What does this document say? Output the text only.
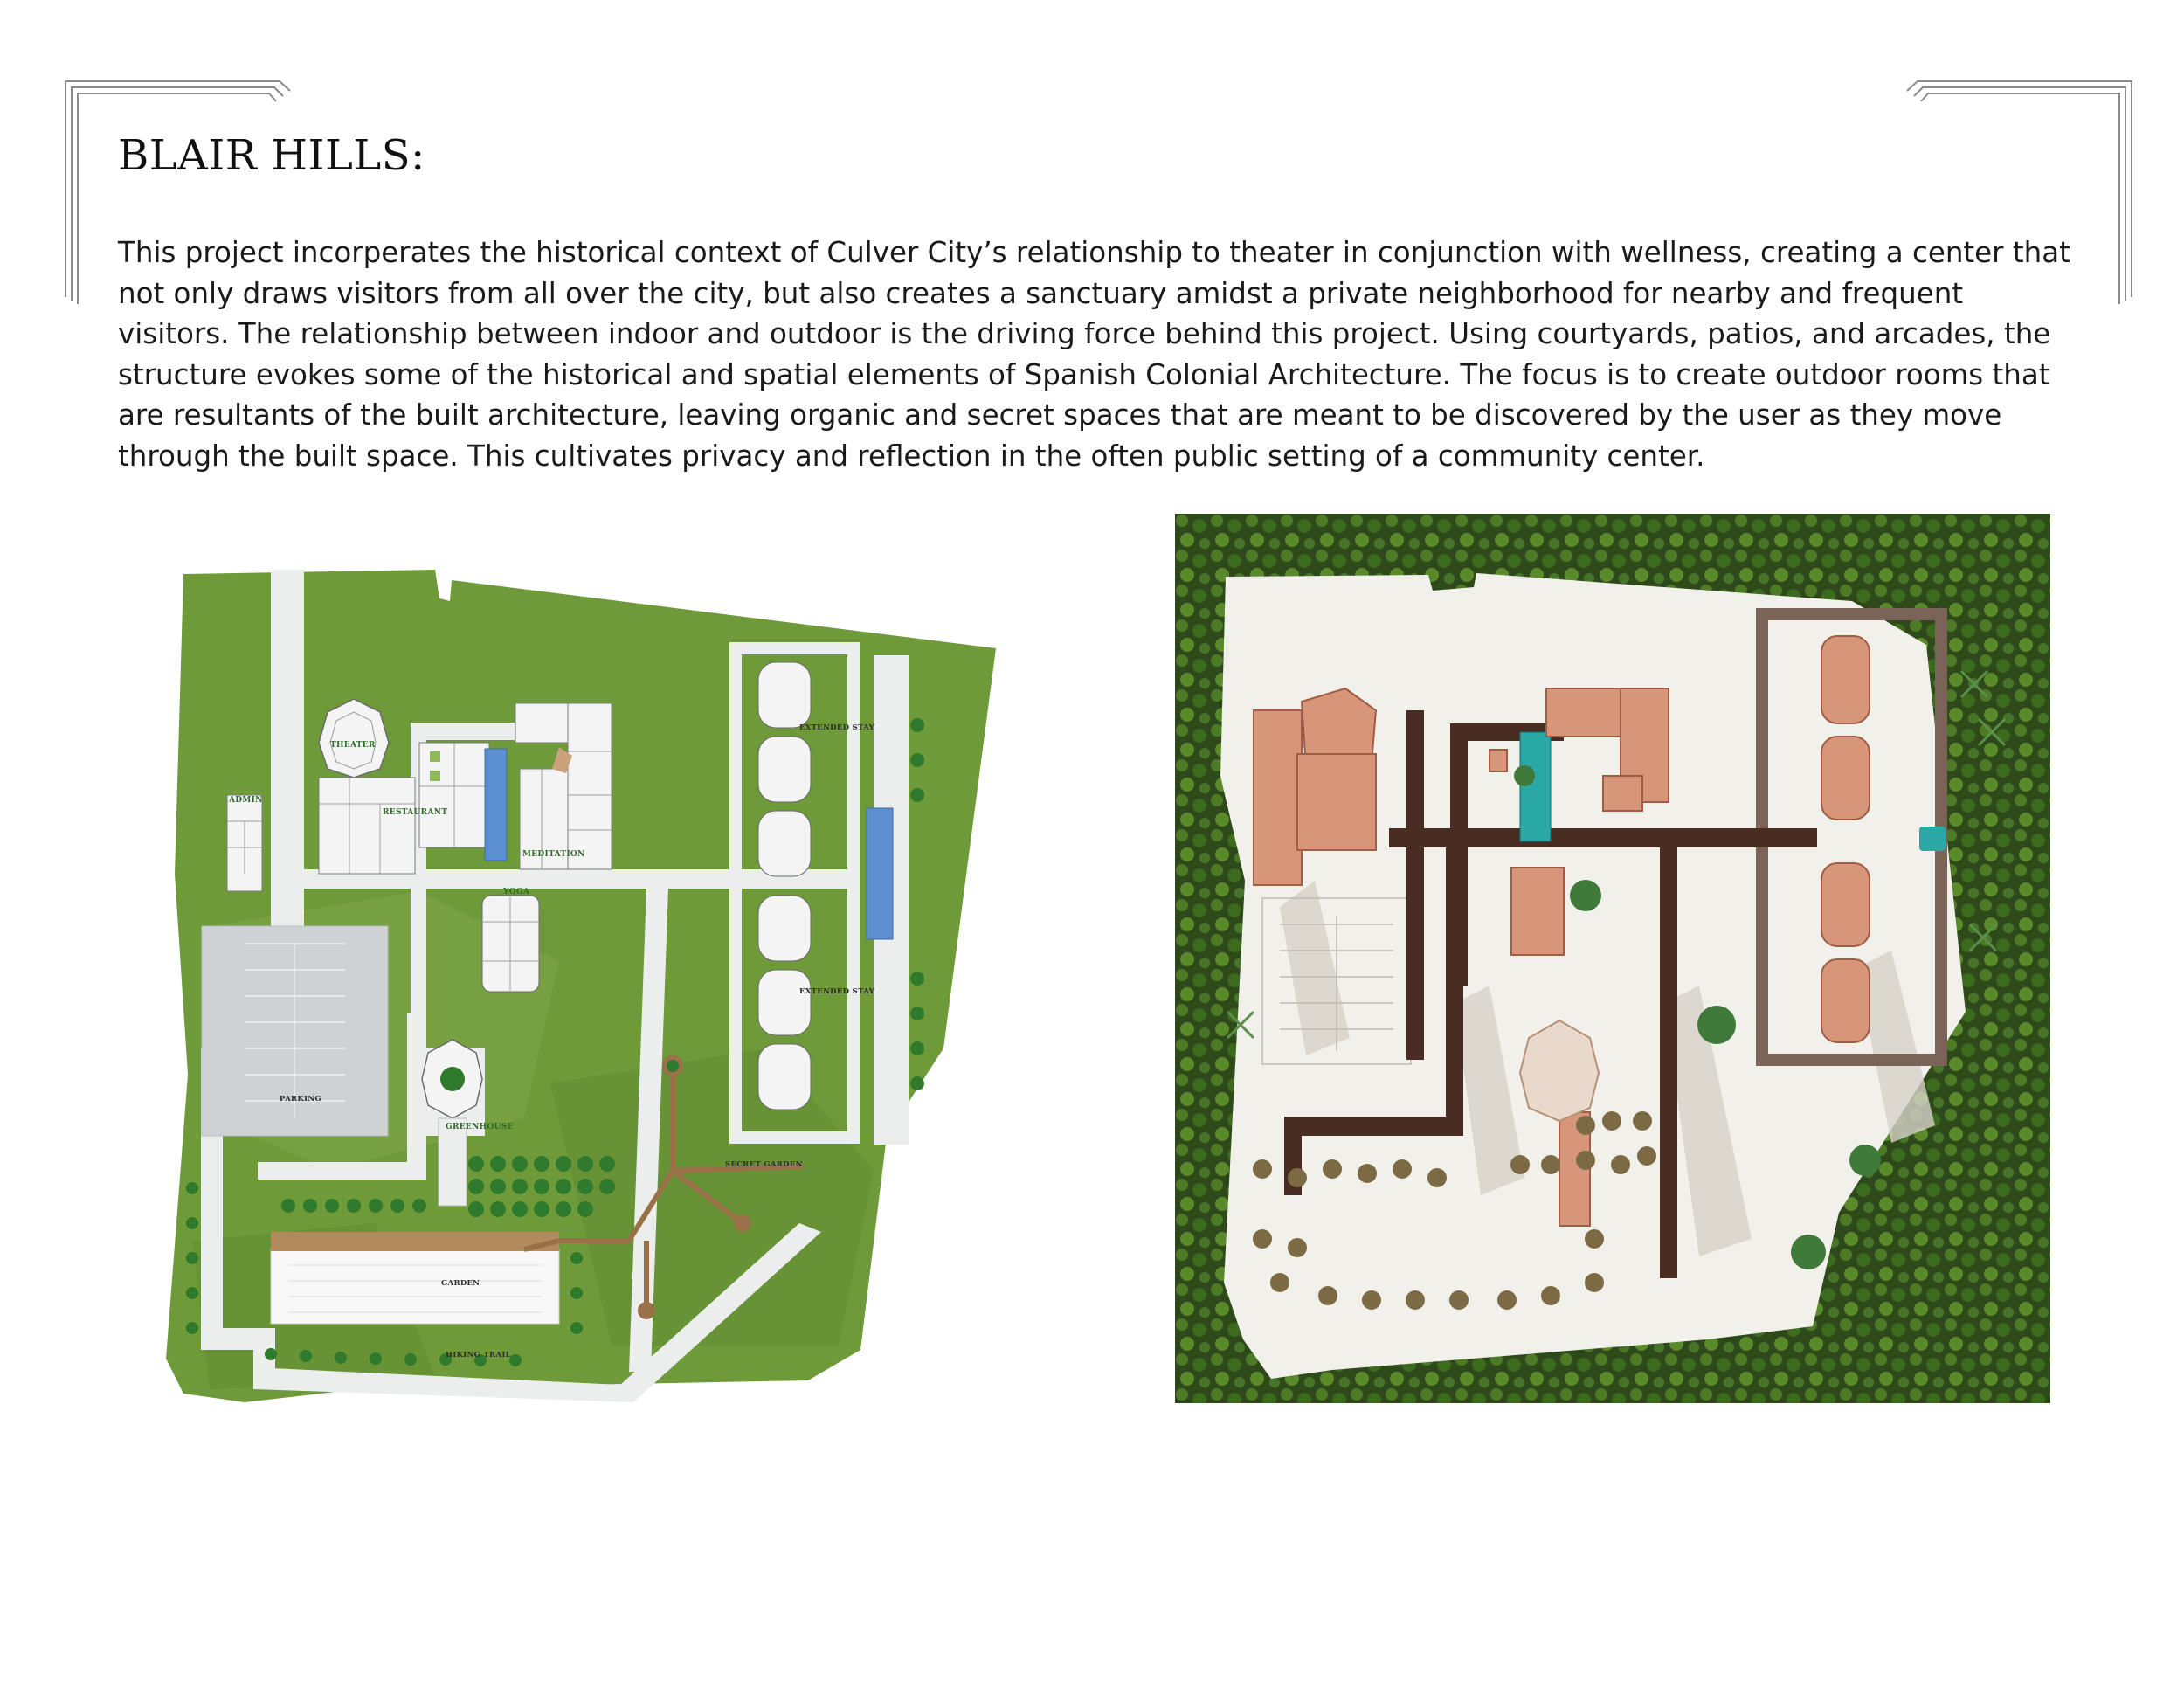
BLAIR HILLS:

This project incorperates the historical context of Culver City’s relationship to theater in conjunction with wellness, creating a center that not only draws visitors from all over the city, but also creates a sanctuary amidst a private neighborhood for nearby and frequent visitors. The relationship between indoor and outdoor is the driving force behind this project. Using courtyards, patios, and arcades, the structure evokes some of the historical and spatial elements of Spanish Colonial Architecture. The focus is to create outdoor rooms that are resultants of the built architecture, leaving organic and secret spaces that are meant to be discovered by the user as they move through the built space. This cultivates privacy and reflection in the often public setting of a community center.

THEATER
ADMIN
RESTAURANT
MEDITATION
YOGA
EXTENDED STAY
EXTENDED STAY
PARKING
GREENHOUSE
SECRET GARDEN
GARDEN
HIKING TRAIL
